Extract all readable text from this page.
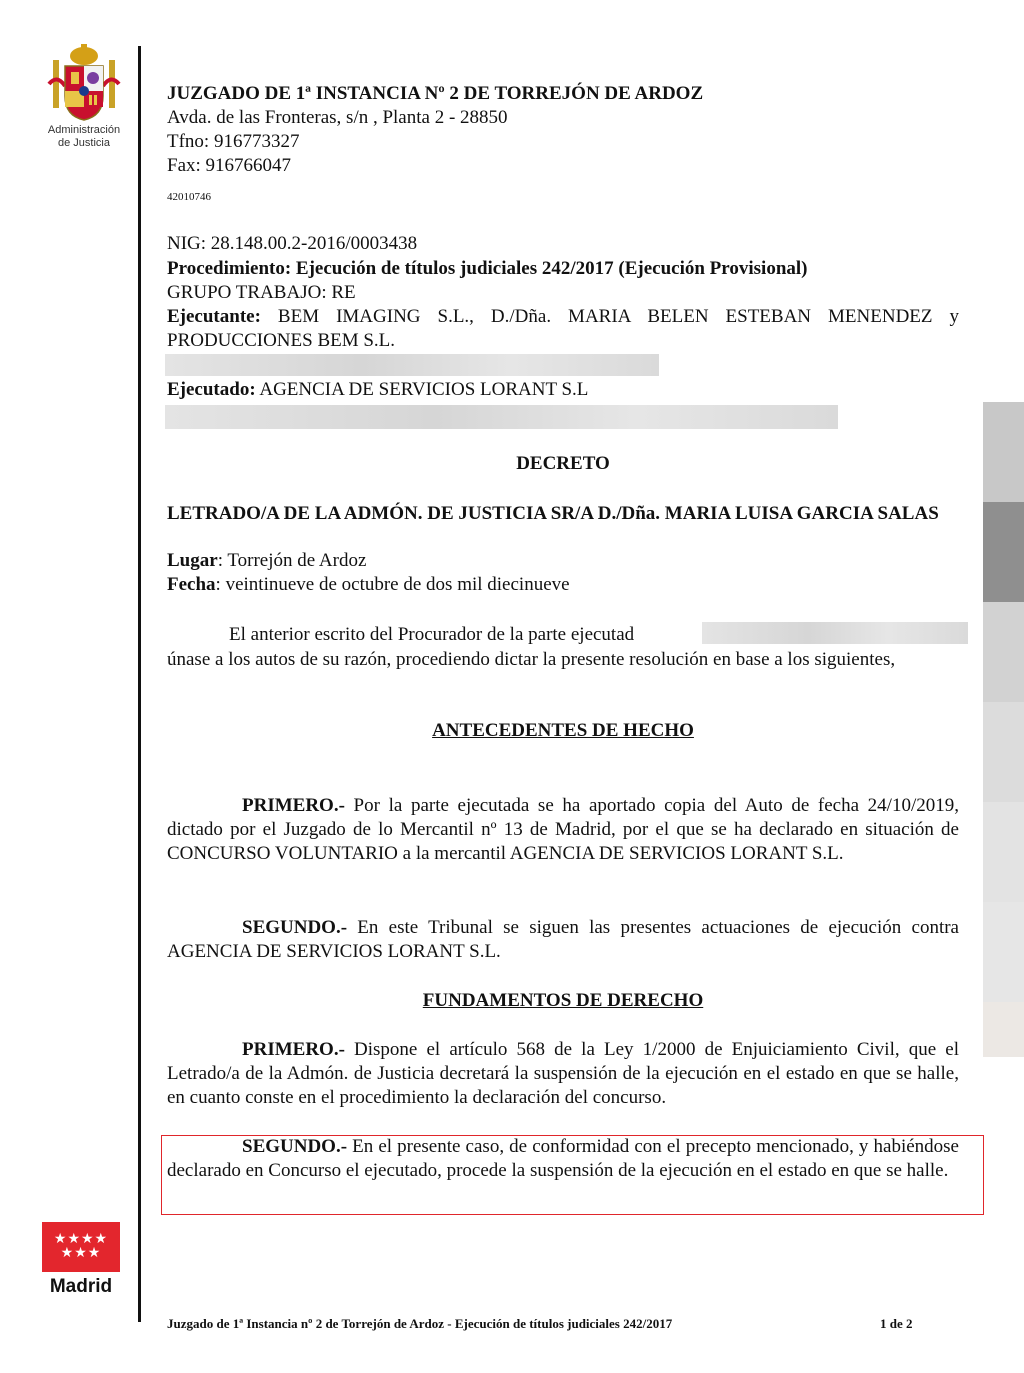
Administración
de Justicia
★★★★
★★★
Madrid
JUZGADO DE 1ª INSTANCIA Nº 2 DE TORREJÓN DE ARDOZ
Avda. de las Fronteras, s/n , Planta 2 - 28850
Tfno: 916773327
Fax: 916766047
42010746
NIG: 28.148.00.2-2016/0003438
Procedimiento: Ejecución de títulos judiciales 242/2017 (Ejecución Provisional)
GRUPO TRABAJO: RE
Ejecutante: BEM IMAGING S.L., D./Dña. MARIA BELEN ESTEBAN MENENDEZ y PRODUCCIONES BEM S.L.
Ejecutado: AGENCIA DE SERVICIOS LORANT S.L
DECRETO
LETRADO/A DE LA ADMÓN. DE JUSTICIA SR/A D./Dña. MARIA LUISA GARCIA SALAS
Lugar: Torrejón de Ardoz
Fecha: veintinueve de octubre de dos mil diecinueve
El anterior escrito del Procurador de la parte ejecutad
únase a los autos de su razón, procediendo dictar la presente resolución en base a los siguientes,
ANTECEDENTES DE HECHO
PRIMERO.- Por la parte ejecutada se ha aportado copia del Auto de fecha 24/10/2019, dictado por el Juzgado de lo Mercantil nº 13 de Madrid, por el que se ha declarado en situación de CONCURSO VOLUNTARIO a la mercantil AGENCIA DE SERVICIOS LORANT S.L.
SEGUNDO.- En este Tribunal se siguen las presentes actuaciones de ejecución contra AGENCIA DE SERVICIOS LORANT S.L.
FUNDAMENTOS DE DERECHO
PRIMERO.- Dispone el artículo 568 de la Ley 1/2000 de Enjuiciamiento Civil, que el Letrado/a de la Admón. de Justicia decretará la suspensión de la ejecución en el estado en que se halle, en cuanto conste en el procedimiento la declaración del concurso.
SEGUNDO.- En el presente caso, de conformidad con el precepto mencionado, y habiéndose declarado en Concurso el ejecutado, procede la suspensión de la ejecución en el estado en que se halle.
Juzgado de 1ª Instancia nº 2 de Torrejón de Ardoz - Ejecución de títulos judiciales 242/2017	1 de 2
